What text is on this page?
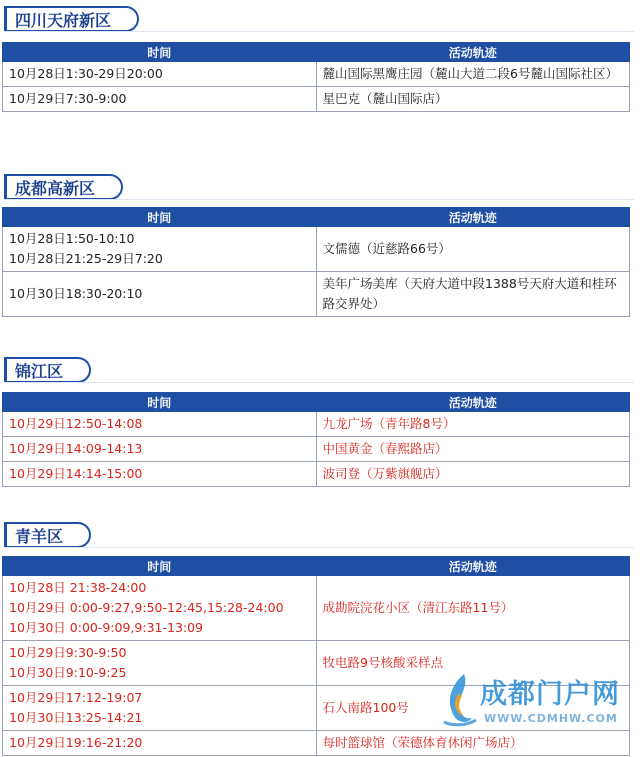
四川天府新区
时间	活动轨迹

10月28日1:30-29日20:00	麓山国际黑鹰庄园（麓山大道二段6号麓山国际社区）

10月29日7:30-9:00	星巴克（麓山国际店）
成都高新区
时间	活动轨迹

10月28日1:50-10:10
10月28日21:25-29日7:20	文儒德（近慈路66号）

10月30日18:30-20:10	美年广场美库（天府大道中段1388号天府大道和桂环路交界处）
锦江区
时间	活动轨迹

10月29日12:50-14:08	九龙广场（青年路8号）

10月29日14:09-14:13	中国黄金（春熙路店）

10月29日14:14-15:00	波司登（万紫旗舰店）
青羊区
时间	活动轨迹

10月28日 21:38-24:00
10月29日 0:00-9:27,9:50-12:45,15:28-24:00
10月30日 0:00-9:09,9:31-13:09	成勘院浣花小区（清江东路11号）

10月29日9:30-9:50
10月30日9:10-9:25	牧电路9号核酸采样点

10月29日17:12-19:07
10月30日13:25-14:21	石人南路100号

10月29日19:16-21:20	每时篮球馆（荣德体育休闲广场店）
成都门户网
WWW.CDMHW.COM
